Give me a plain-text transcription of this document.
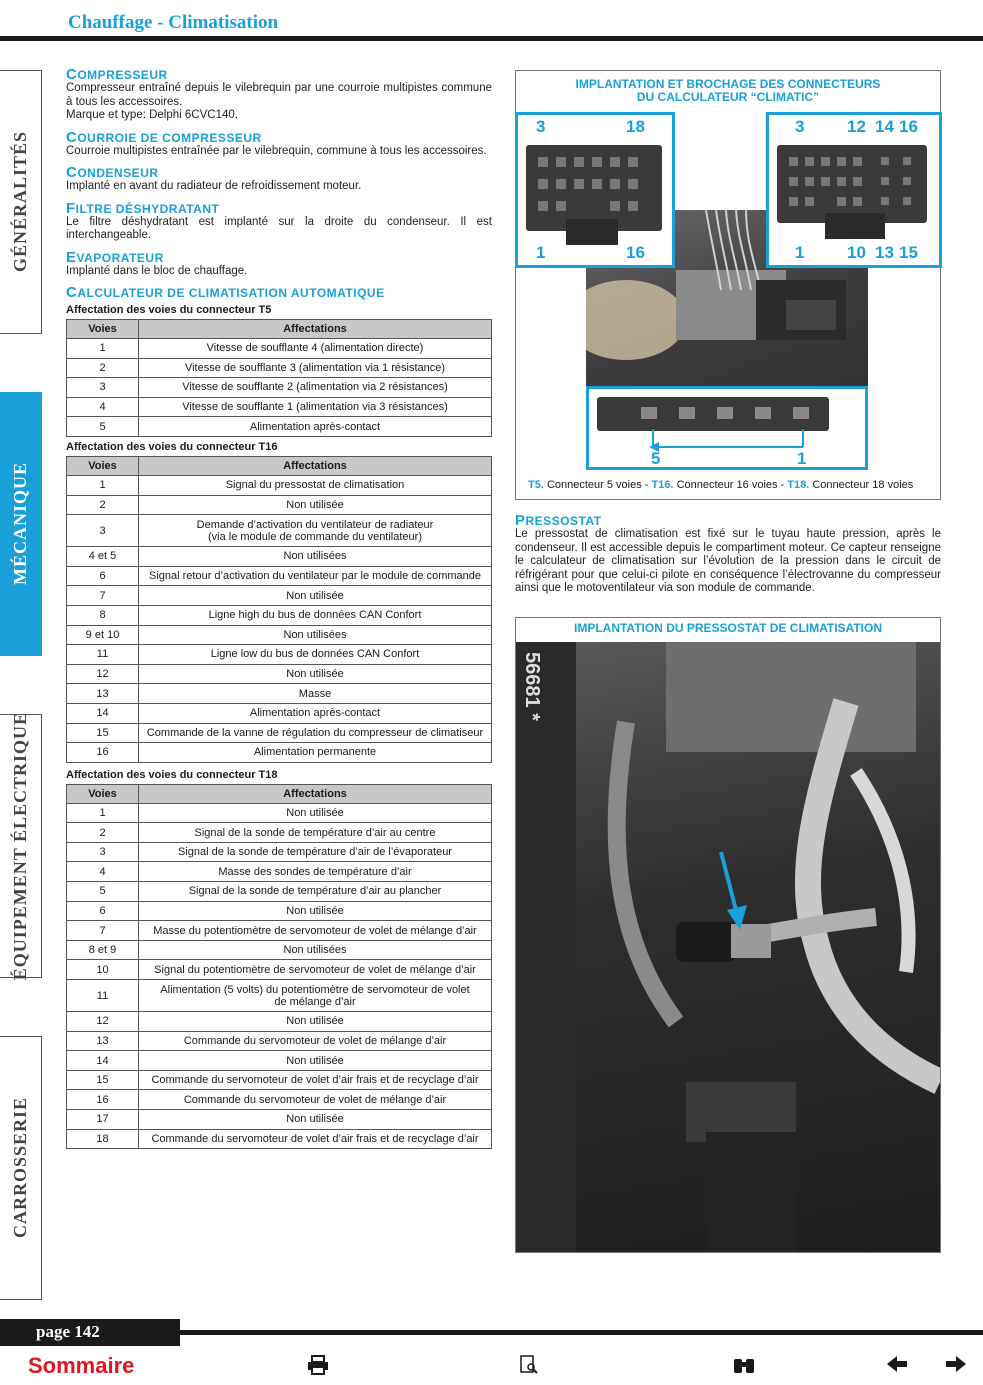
Chauffage - Climatisation
GÉNÉRALITÉS
MÉCANIQUE
ÉQUIPEMENT ÉLECTRIQUE
CARROSSERIE
COMPRESSEUR
Compresseur entraîné depuis le vilebrequin par une courroie multipistes commune à tous les accessoires.
Marque et type: Delphi 6CVC140.
COURROIE DE COMPRESSEUR
Courroie multipistes entraînée par le vilebrequin, commune à tous les accessoires.
CONDENSEUR
Implanté en avant du radiateur de refroidissement moteur.
FILTRE DÉSHYDRATANT
Le filtre déshydratant est implanté sur la droite du condenseur. Il est interchangeable.
EVAPORATEUR
Implanté dans le bloc de chauffage.
CALCULATEUR DE CLIMATISATION AUTOMATIQUE
Affectation des voies du connecteur T5
Voies	Affectations
1	Vitesse de soufflante 4 (alimentation directe)
2	Vitesse de soufflante 3 (alimentation via 1 résistance)
3	Vitesse de soufflante 2 (alimentation via 2 résistances)
4	Vitesse de soufflante 1 (alimentation via 3 résistances)
5	Alimentation après-contact
Affectation des voies du connecteur T16
Voies	Affectations
1	Signal du pressostat de climatisation
2	Non utilisée
3	Demande d’activation du ventilateur de radiateur
(via le module de commande du ventilateur)
4 et 5	Non utilisées
6	Signal retour d’activation du ventilateur par le module de commande
7	Non utilisée
8	Ligne high du bus de données CAN Confort
9 et 10	Non utilisées
11	Ligne low du bus de données CAN Confort
12	Non utilisée
13	Masse
14	Alimentation après-contact
15	Commande de la vanne de régulation du compresseur de climatiseur
16	Alimentation permanente
Affectation des voies du connecteur T18
Voies	Affectations
1	Non utilisée
2	Signal de la sonde de température d’air au centre
3	Signal de la sonde de température d’air de l’évaporateur
4	Masse des sondes de température d’air
5	Signal de la sonde de température d’air au plancher
6	Non utilisée
7	Masse du potentiomètre de servomoteur de volet de mélange d’air
8 et 9	Non utilisées
10	Signal du potentiomètre de servomoteur de volet de mélange d’air
11	Alimentation (5 volts) du potentiomètre de servomoteur de volet
de mélange d’air
12	Non utilisée
13	Commande du servomoteur de volet de mélange d’air
14	Non utilisée
15	Commande du servomoteur de volet d’air frais et de recyclage d’air
16	Commande du servomoteur de volet de mélange d’air
17	Non utilisée
18	Commande du servomoteur de volet d’air frais et de recyclage d’air
IMPLANTATION ET BROCHAGE DES CONNECTEURS
DU CALCULATEUR “CLIMATIC”
3	18
1	16
3	12 14 16
1	10 13 15
5	1
T5. Connecteur 5 voies - T16. Connecteur 16 voies - T18. Connecteur 18 voies
PRESSOSTAT
Le pressostat de climatisation est fixé sur le tuyau haute pression, après le condenseur. Il est accessible depuis le compartiment moteur. Ce capteur renseigne le calculateur de climatisation sur l’évolution de la pression dans le circuit de réfrigérant pour que celui-ci pilote en conséquence l’électrovanne du compresseur ainsi que le motoventilateur via son module de commande.
IMPLANTATION DU PRESSOSTAT DE CLIMATISATION
56681 *
page 142
Sommaire
